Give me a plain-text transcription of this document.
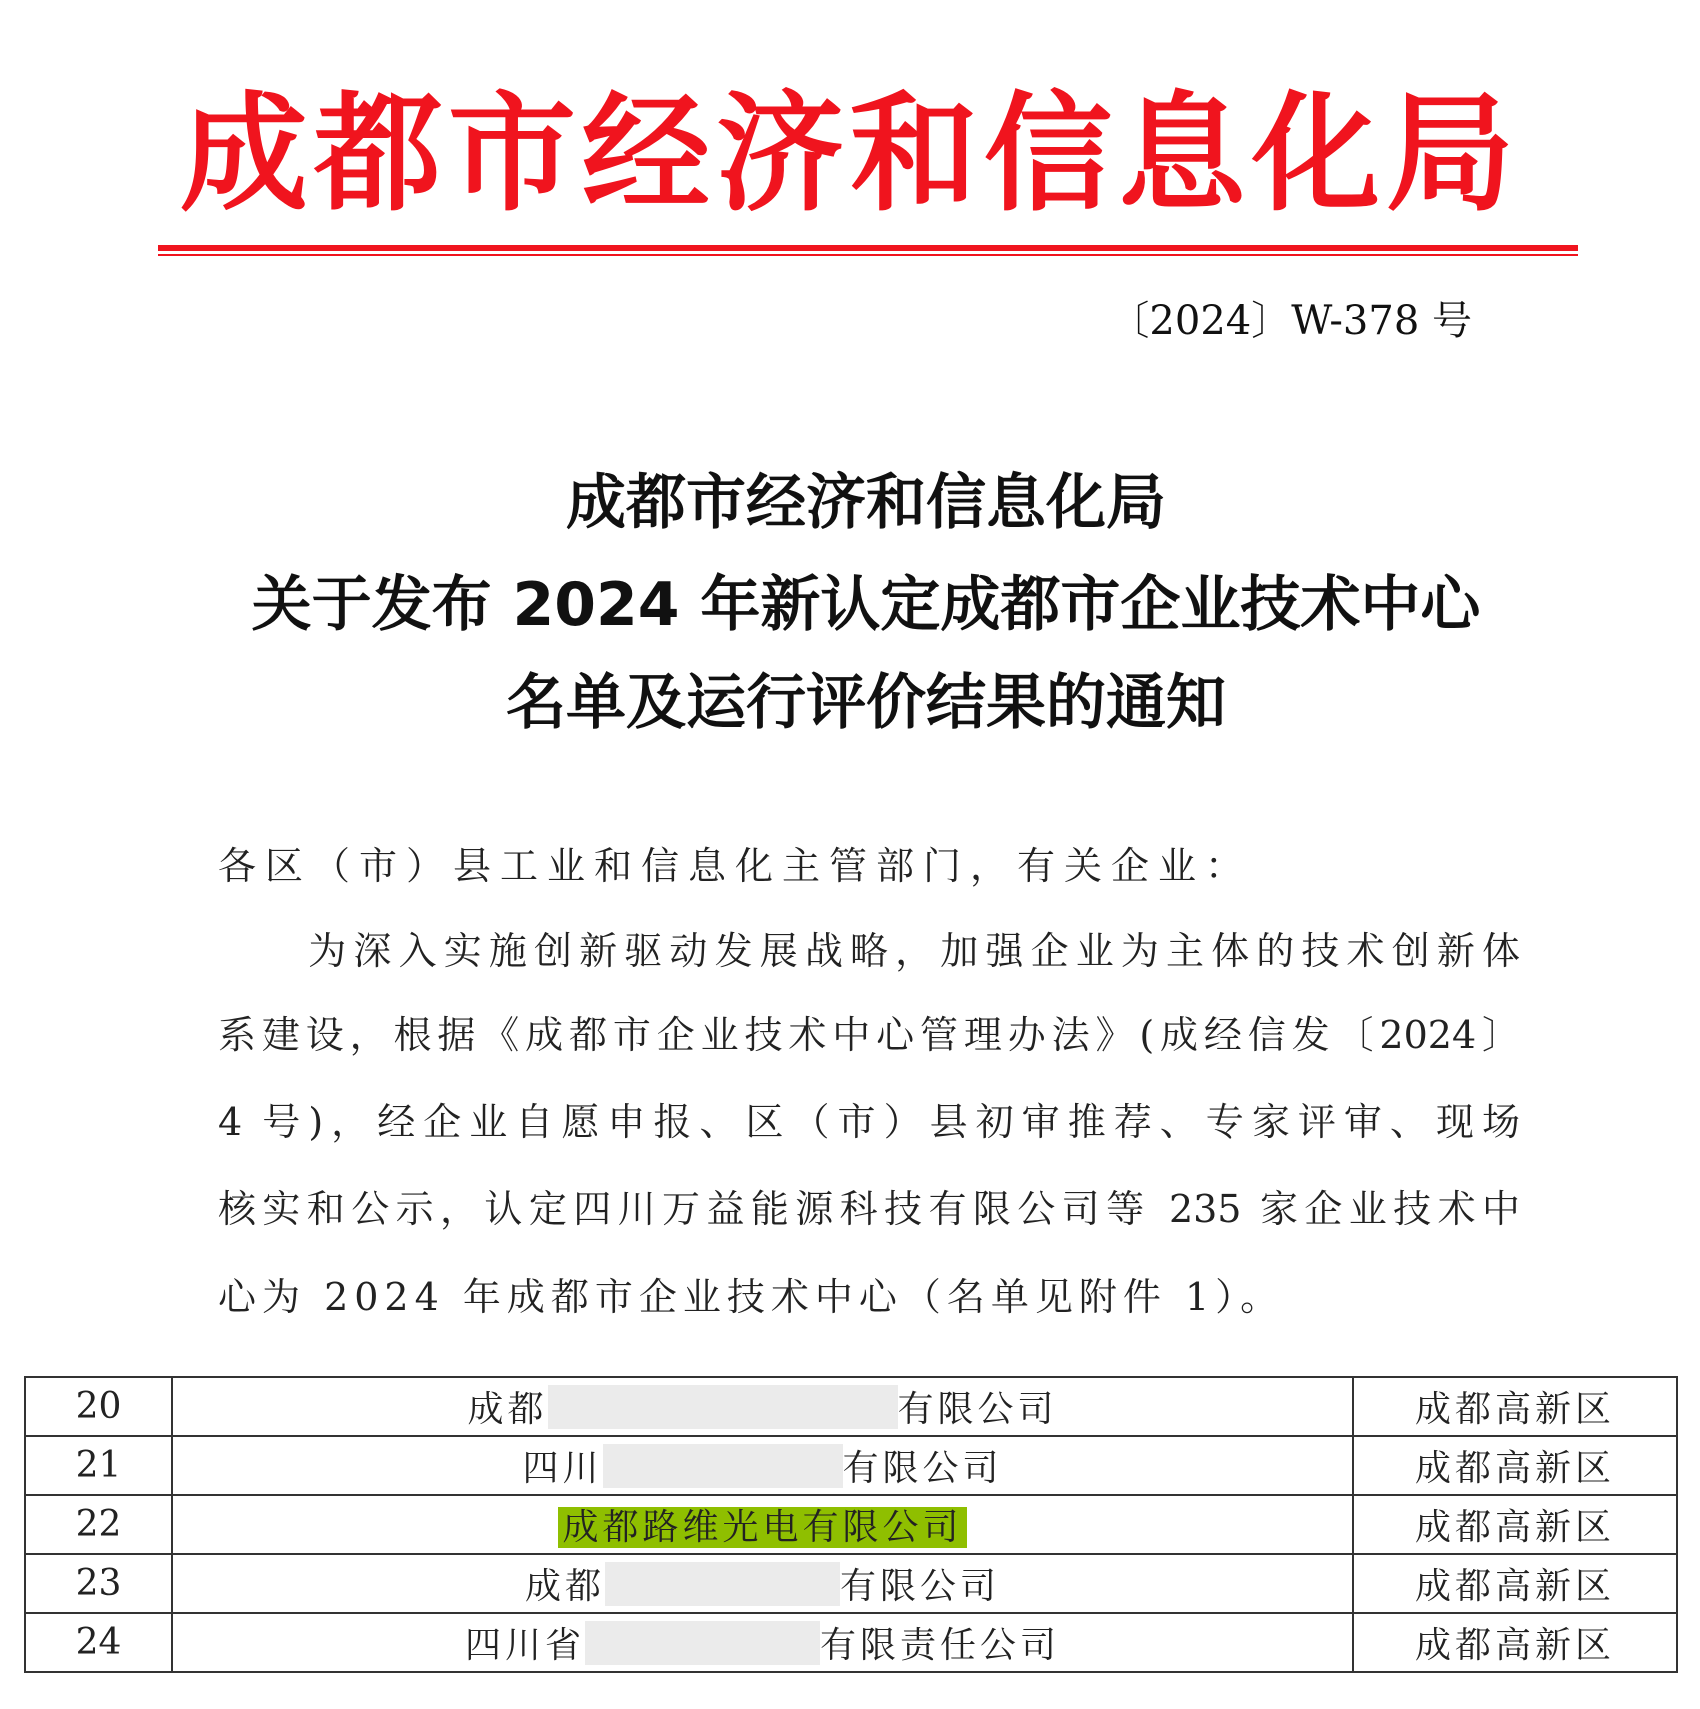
成都市经济和信息化局
〔2024〕W-378 号
成都市经济和信息化局
关于发布 2024 年新认定成都市企业技术中心
名单及运行评价结果的通知
各区（市）县工业和信息化主管部门，有关企业：
　　为深入实施创新驱动发展战略，加强企业为主体的技术创新体
系建设，根据《成都市企业技术中心管理办法》(成经信发〔2024〕
4 号)，经企业自愿申报、区（市）县初审推荐、专家评审、现场
核实和公示，认定四川万益能源科技有限公司等 235 家企业技术中
心为 2024 年成都市企业技术中心（名单见附件 1）。
20	成都 有限公司	成都高新区
21	四川 有限公司	成都高新区
22	成都路维光电有限公司	成都高新区
23	成都 有限公司	成都高新区
24	四川省 有限责任公司	成都高新区
